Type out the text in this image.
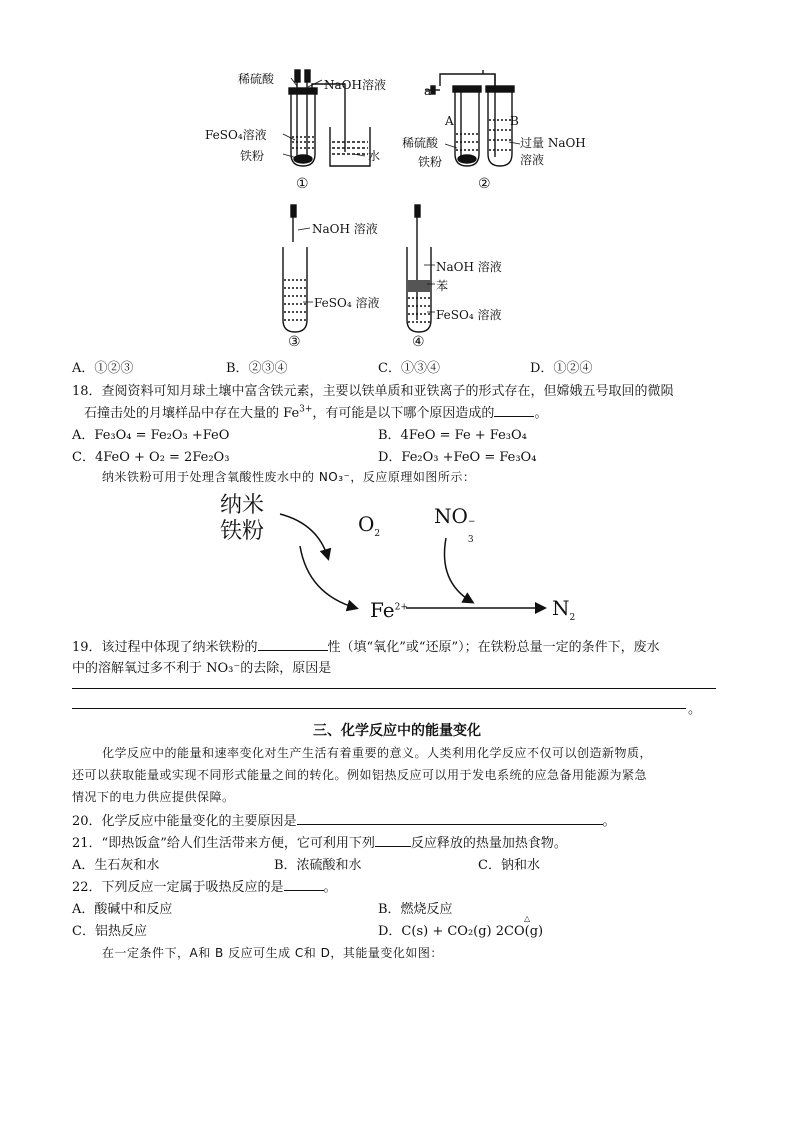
稀硫酸	NaOH溶液
FeSO₄溶液
铁粉	水
①
a
A	B
稀硫酸
铁粉
过量 NaOH
溶液
②
NaOH 溶液
FeSO₄ 溶液
③
NaOH 溶液
苯
FeSO₄ 溶液
④
A．①②③	B．②③④	C．①③④	D．①②④
18．查阅资料可知月球土壤中富含铁元素，主要以铁单质和亚铁离子的形式存在，但嫦娥五号取回的微陨
石撞击处的月壤样品中存在大量的 $Fe^{3+}$，有可能是以下哪个原因造成的	。
A．Fe₃O₄ = Fe₂O₃ +FeO	B．4FeO = Fe + Fe₃O₄
C．4FeO + O₂ = 2Fe₂O₃	D．Fe₂O₃ +FeO = Fe₃O₄
纳米铁粉可用于处理含氧酸性废水中的 NO₃⁻，反应原理如图所示：
纳米
铁粉	$O_2$
NO −
3
$Fe^{2+}$	$N_2$
19．该过程中体现了纳米铁粉的	性（填“氧化”或“还原”）；在铁粉总量一定的条件下，废水
中的溶解氧过多不利于 NO₃⁻的去除，原因是
。
三、化学反应中的能量变化
化学反应中的能量和速率变化对生产生活有着重要的意义。人类利用化学反应不仅可以创造新物质，
还可以获取能量或实现不同形式能量之间的转化。例如铝热反应可以用于发电系统的应急备用能源为紧急
情况下的电力供应提供保障。
20．化学反应中能量变化的主要原因是	。
21．“即热饭盒”给人们生活带来方便，它可利用下列	反应释放的热量加热食物。
A．生石灰和水	B．浓硫酸和水	C．钠和水
22．下列反应一定属于吸热反应的是	。
A．酸碱中和反应	B．燃烧反应
C．铝热反应	D．C(s) + CO₂(g) 2CO(g)
△
在一定条件下，A和 B 反应可生成 C和 D，其能量变化如图：
